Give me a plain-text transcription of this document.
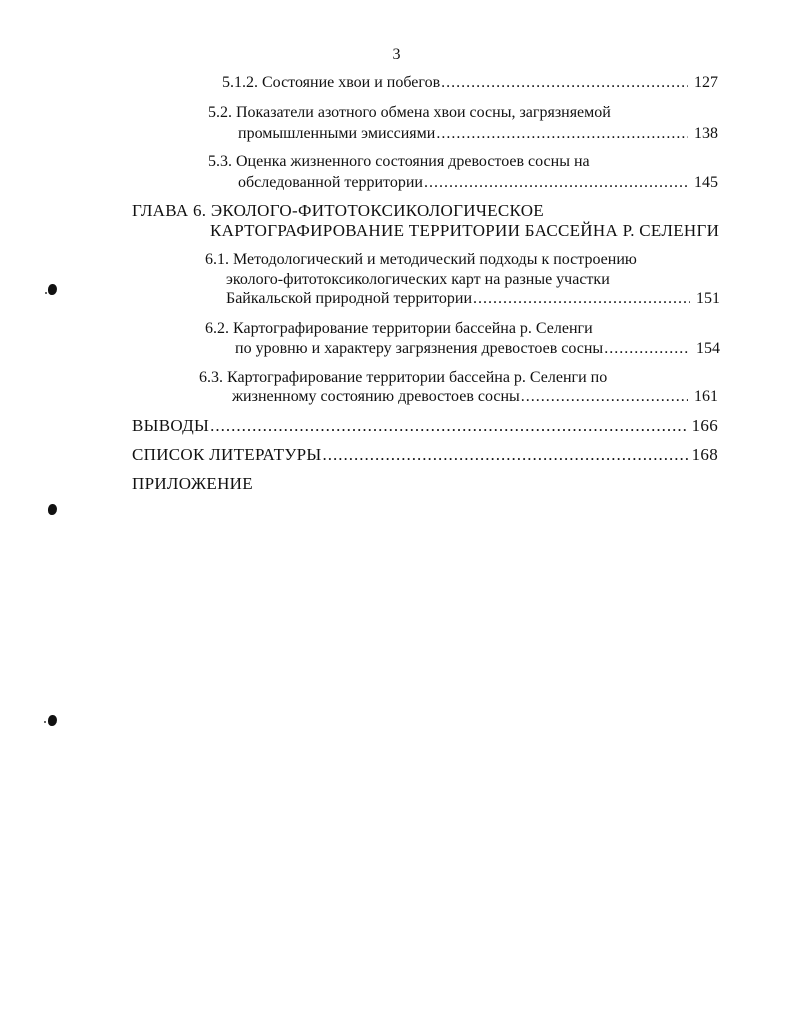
3
5.1.2. Состояние хвои и побегов .....	127
5.2. Показатели азотного обмена хвои сосны, загрязняемой
промышленными эмиссиями .....	138
5.3. Оценка жизненного состояния древостоев сосны на
обследованной территории .....	145
ГЛАВА 6. ЭКОЛОГО-ФИТОТОКСИКОЛОГИЧЕСКОЕ
КАРТОГРАФИРОВАНИЕ ТЕРРИТОРИИ БАССЕЙНА Р. СЕЛЕНГИ
6.1. Методологический и методический подходы к построению
эколого-фитотоксикологических карт на разные участки
Байкальской природной территории .....	151
6.2. Картографирование территории бассейна р. Селенги
по уровню и характеру загрязнения древостоев сосны .....	154
6.3. Картографирование территории бассейна р. Селенги по
жизненному состоянию древостоев сосны .....	161
ВЫВОДЫ .....	166
СПИСОК ЛИТЕРАТУРЫ .....	168
ПРИЛОЖЕНИЕ
